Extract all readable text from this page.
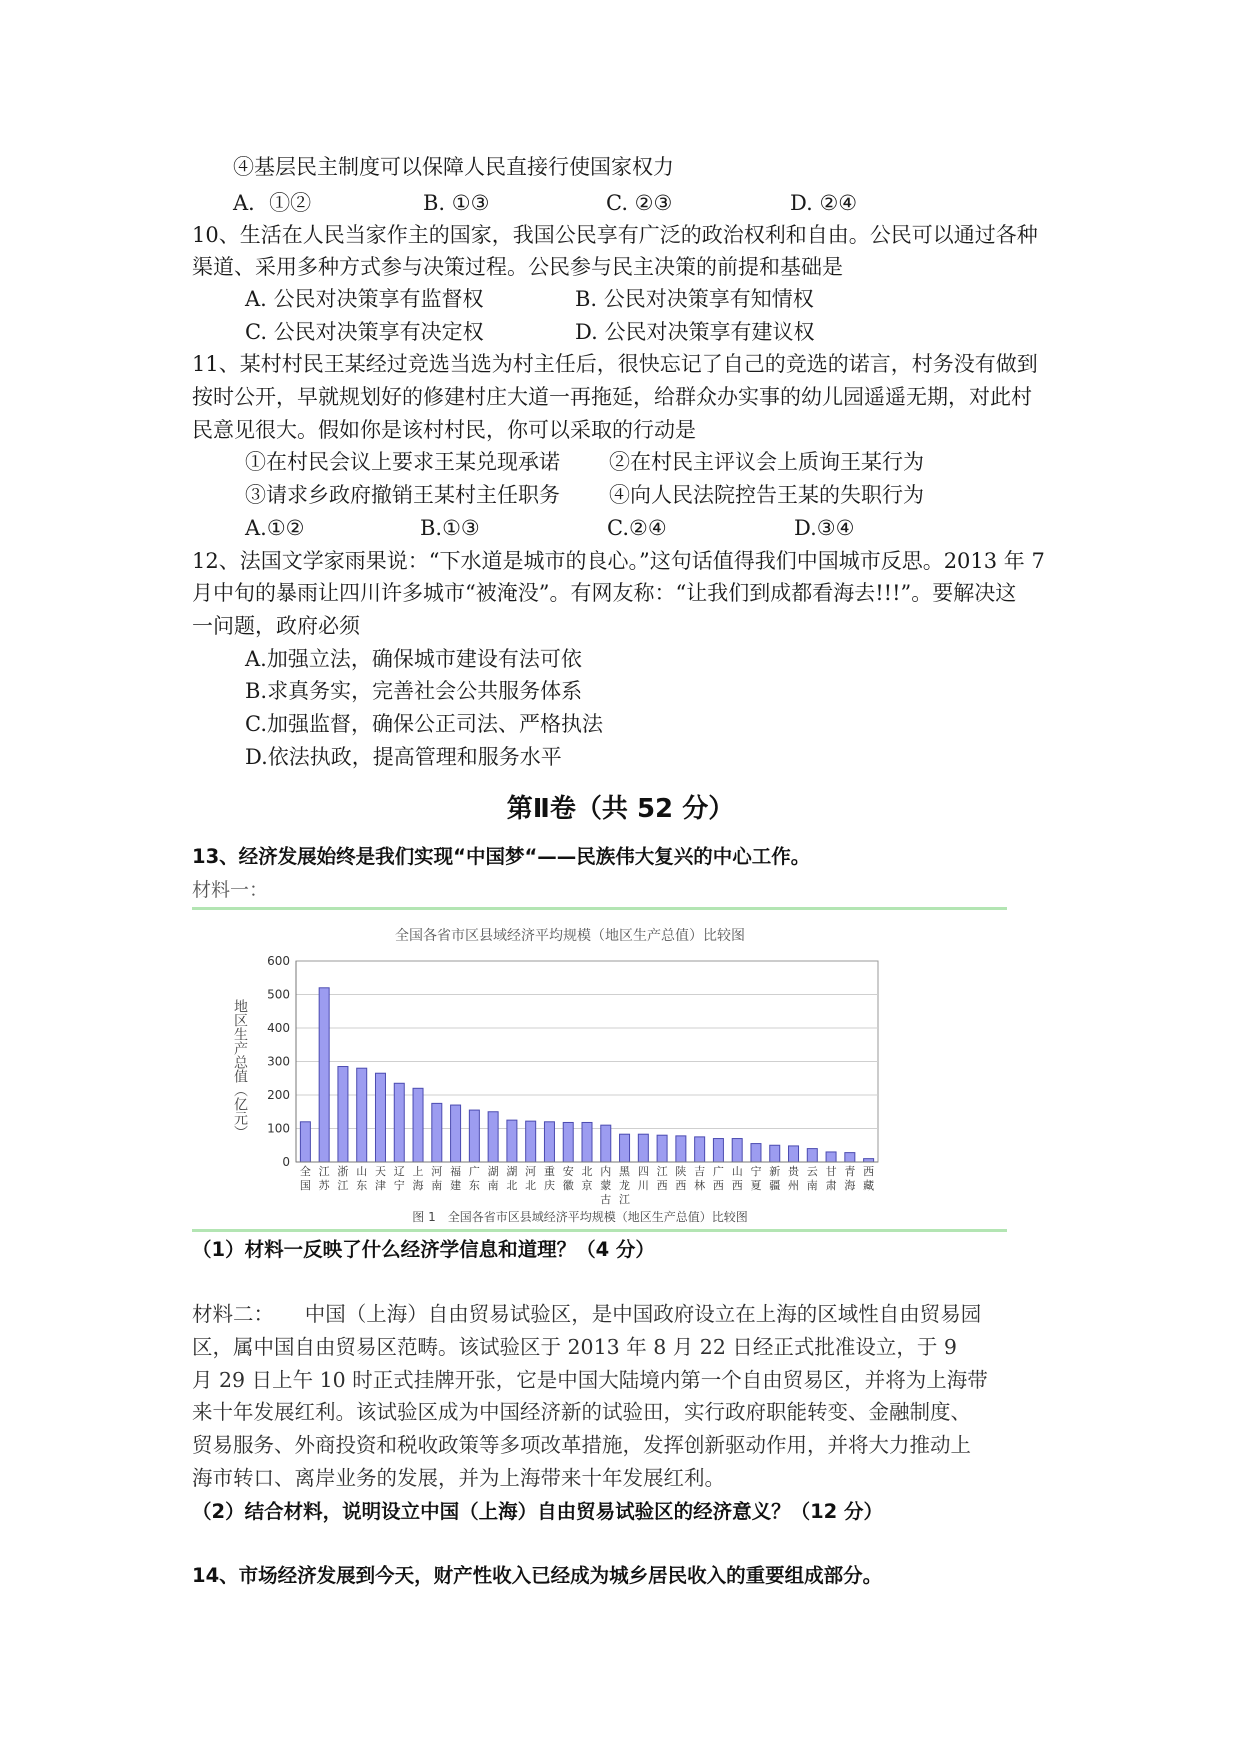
④基层民主制度可以保障人民直接行使国家权力
A．①②	B. ①③	C. ②③	D. ②④
10、生活在人民当家作主的国家，我国公民享有广泛的政治权利和自由。公民可以通过各种
渠道、采用多种方式参与决策过程。公民参与民主决策的前提和基础是
A. 公民对决策享有监督权	B. 公民对决策享有知情权
C. 公民对决策享有决定权	D. 公民对决策享有建议权
11、某村村民王某经过竞选当选为村主任后，很快忘记了自己的竞选的诺言，村务没有做到
按时公开，早就规划好的修建村庄大道一再拖延，给群众办实事的幼儿园遥遥无期，对此村
民意见很大。假如你是该村村民，你可以采取的行动是
①在村民会议上要求王某兑现承诺 ②在村民主评议会上质询王某行为
③请求乡政府撤销王某村主任职务 ④向人民法院控告王某的失职行为
A.①②	B.①③	C.②④	D.③④
12、法国文学家雨果说：“下水道是城市的良心。”这句话值得我们中国城市反思。2013 年 7
月中旬的暴雨让四川许多城市“被淹没”。有网友称：“让我们到成都看海去!!!”。要解决这
一问题，政府必须
A.加强立法，确保城市建设有法可依
B.求真务实，完善社会公共服务体系
C.加强监督，确保公正司法、严格执法
D.依法执政，提高管理和服务水平
第Ⅱ卷（共 52 分）
13、经济发展始终是我们实现“中国梦“——民族伟大复兴的中心工作。
材料一：
0
100
200
300
400
500
600
全国
江苏
浙江
山东
天津
辽宁
上海
河南
福建
广东
湖南
湖北
河北
重庆
安徽
北京
内蒙古
黑龙江
四川
江西
陕西
吉林
广西
山西
宁夏
新疆
贵州
云南
甘肃
青海
西藏
全国各省市区县域经济平均规模（地区生产总值）比较图
地区生产总值（亿元）
图 1　全国各省市区县域经济平均规模（地区生产总值）比较图
（1）材料一反映了什么经济学信息和道理？（4 分）
材料二：　　中国（上海）自由贸易试验区，是中国政府设立在上海的区域性自由贸易园
区，属中国自由贸易区范畴。该试验区于 2013 年 8 月 22 日经正式批准设立，于 9
月 29 日上午 10 时正式挂牌开张，它是中国大陆境内第一个自由贸易区，并将为上海带
来十年发展红利。该试验区成为中国经济新的试验田，实行政府职能转变、金融制度、
贸易服务、外商投资和税收政策等多项改革措施，发挥创新驱动作用，并将大力推动上
海市转口、离岸业务的发展，并为上海带来十年发展红利。
（2）结合材料，说明设立中国（上海）自由贸易试验区的经济意义？（12 分）
14、市场经济发展到今天，财产性收入已经成为城乡居民收入的重要组成部分。
